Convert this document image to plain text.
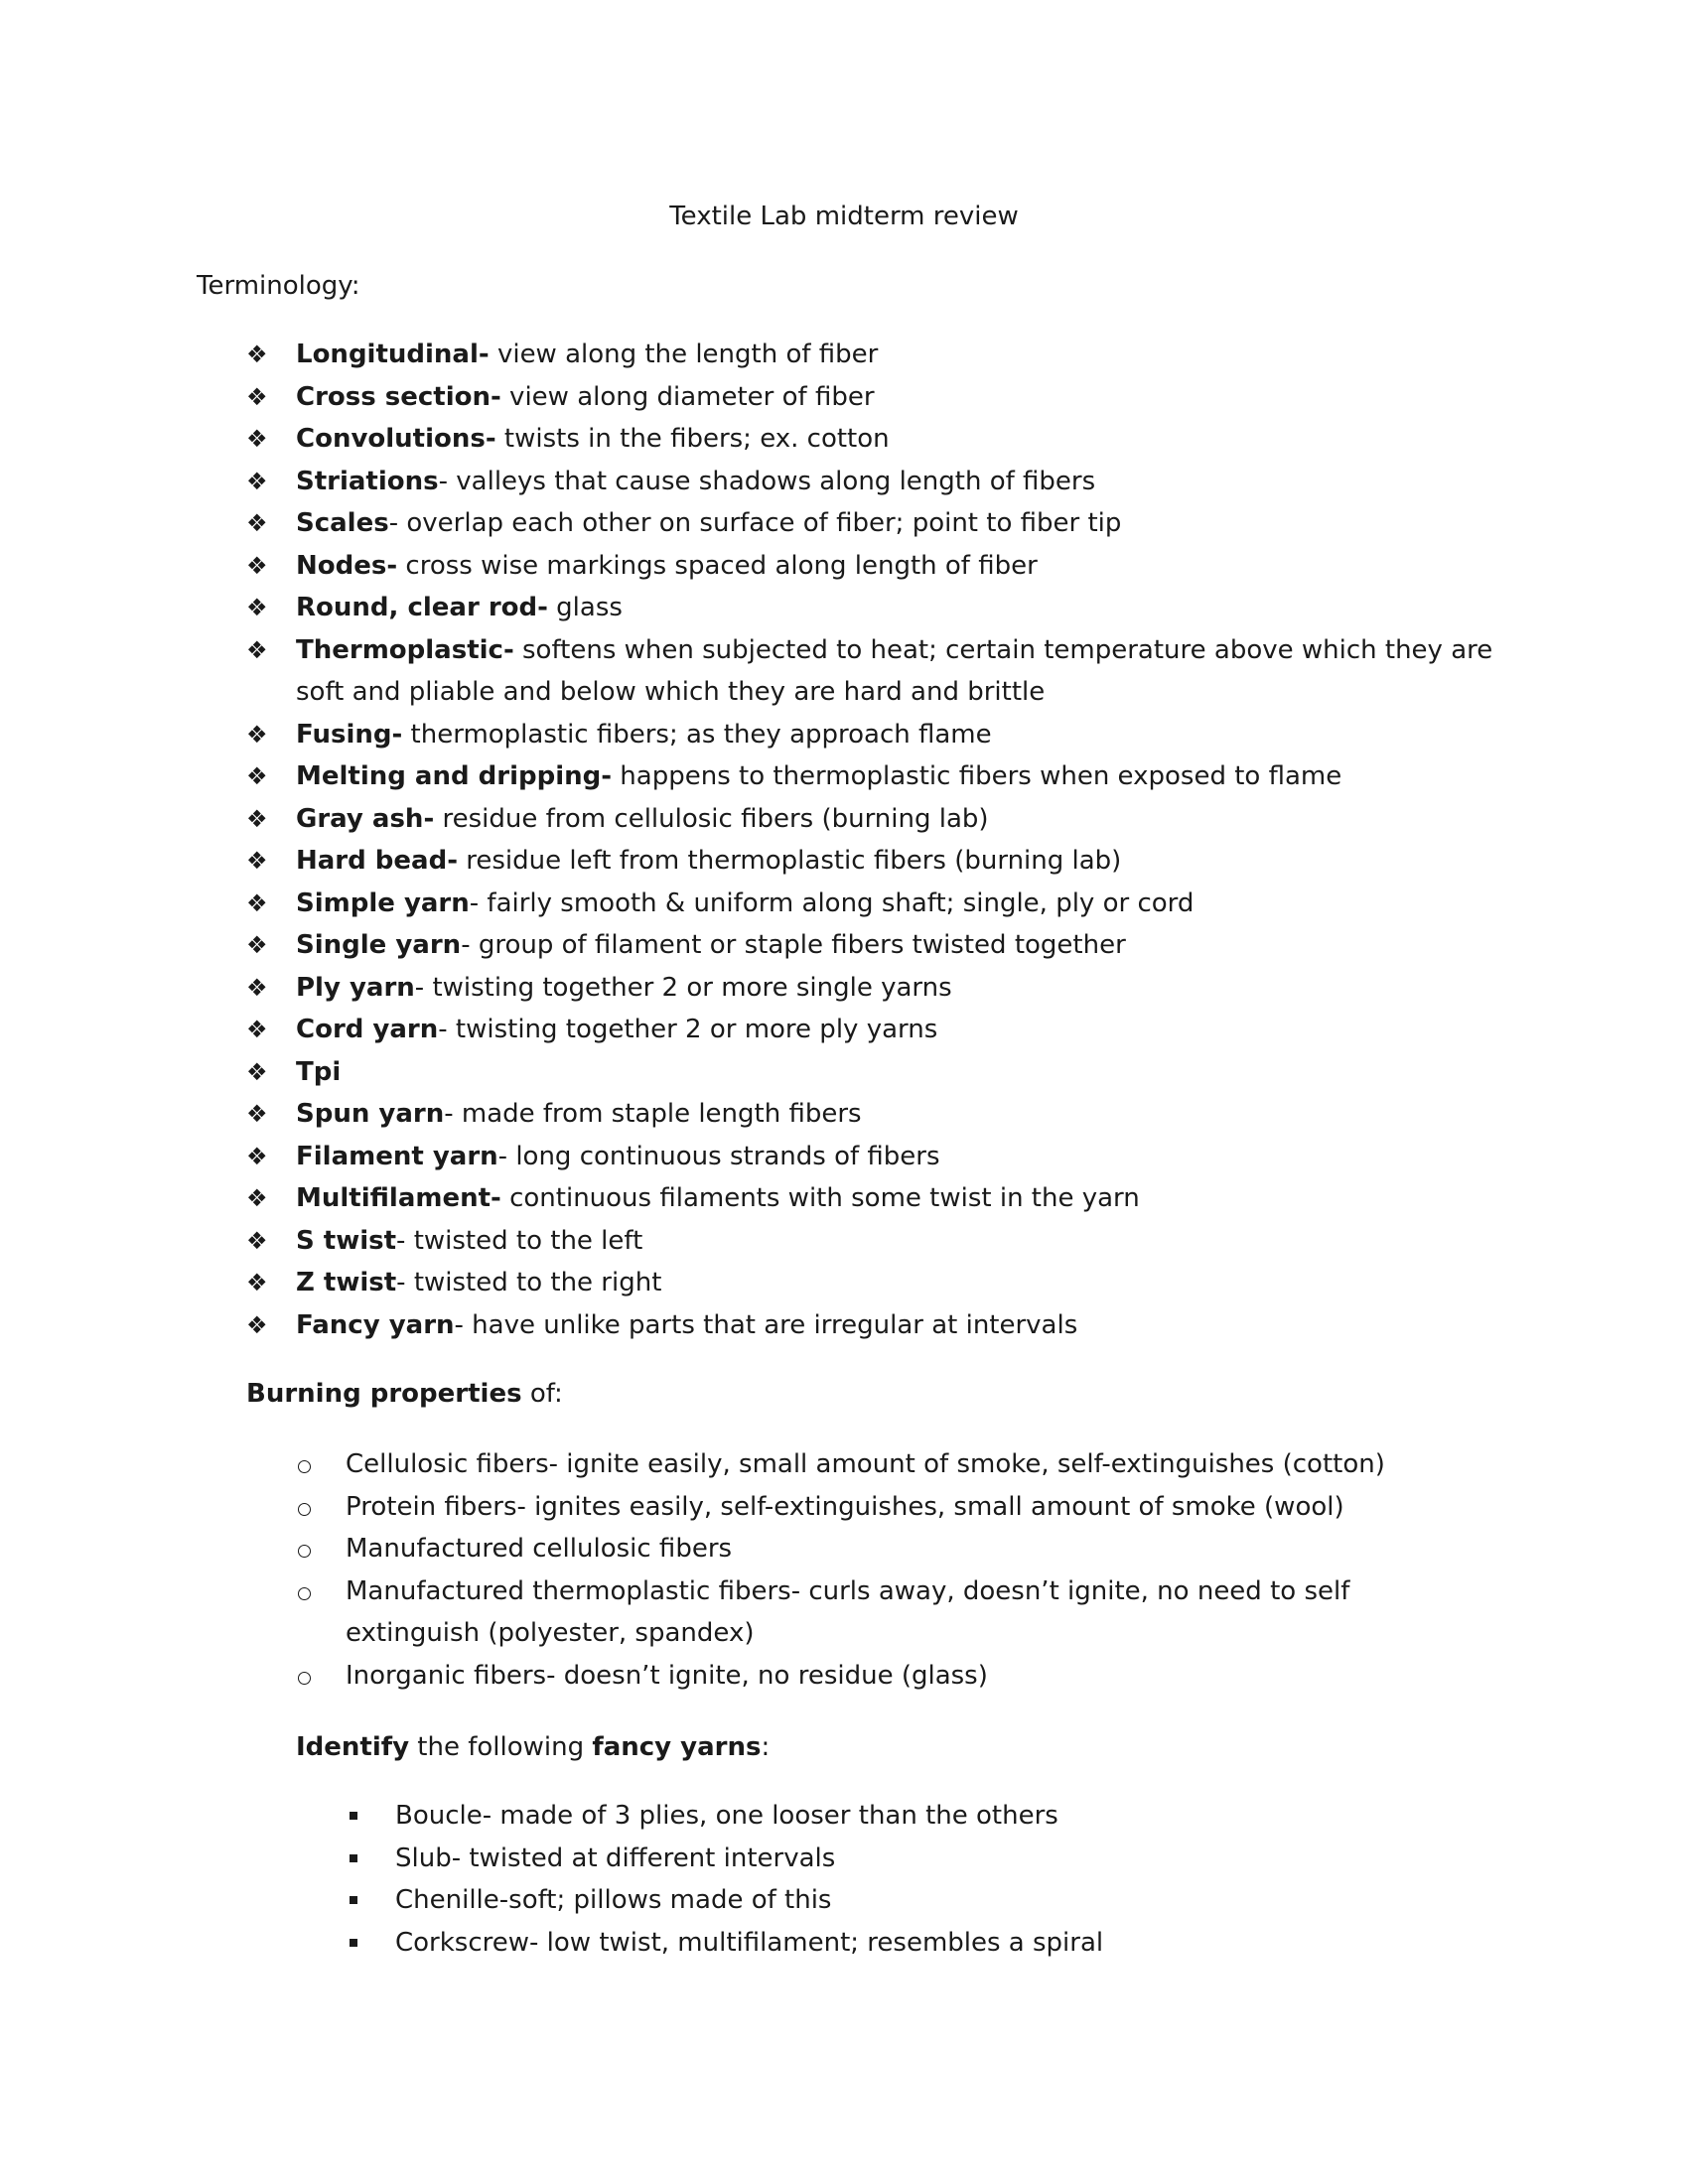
Textile Lab midterm review
Terminology:
❖ Longitudinal- view along the length of fiber
❖ Cross section- view along diameter of fiber
❖ Convolutions- twists in the fibers; ex. cotton
❖ Striations- valleys that cause shadows along length of fibers
❖ Scales- overlap each other on surface of fiber; point to fiber tip
❖ Nodes- cross wise markings spaced along length of fiber
❖ Round, clear rod- glass
❖ Thermoplastic- softens when subjected to heat; certain temperature above which they are soft and pliable and below which they are hard and brittle
❖ Fusing- thermoplastic fibers; as they approach flame
❖ Melting and dripping- happens to thermoplastic fibers when exposed to flame
❖ Gray ash- residue from cellulosic fibers (burning lab)
❖ Hard bead- residue left from thermoplastic fibers (burning lab)
❖ Simple yarn- fairly smooth & uniform along shaft; single, ply or cord
❖ Single yarn- group of filament or staple fibers twisted together
❖ Ply yarn- twisting together 2 or more single yarns
❖ Cord yarn- twisting together 2 or more ply yarns
❖ Tpi
❖ Spun yarn- made from staple length fibers
❖ Filament yarn- long continuous strands of fibers
❖ Multifilament- continuous filaments with some twist in the yarn
❖ S twist- twisted to the left
❖ Z twist- twisted to the right
❖ Fancy yarn- have unlike parts that are irregular at intervals
Burning properties of:
Cellulosic fibers- ignite easily, small amount of smoke, self-extinguishes (cotton)
Protein fibers- ignites easily, self-extinguishes, small amount of smoke (wool)
Manufactured cellulosic fibers
Manufactured thermoplastic fibers- curls away, doesn’t ignite, no need to self extinguish (polyester, spandex)
Inorganic fibers- doesn’t ignite, no residue (glass)
Identify the following fancy yarns:
Boucle- made of 3 plies, one looser than the others
Slub- twisted at different intervals
Chenille-soft; pillows made of this
Corkscrew- low twist, multifilament; resembles a spiral
